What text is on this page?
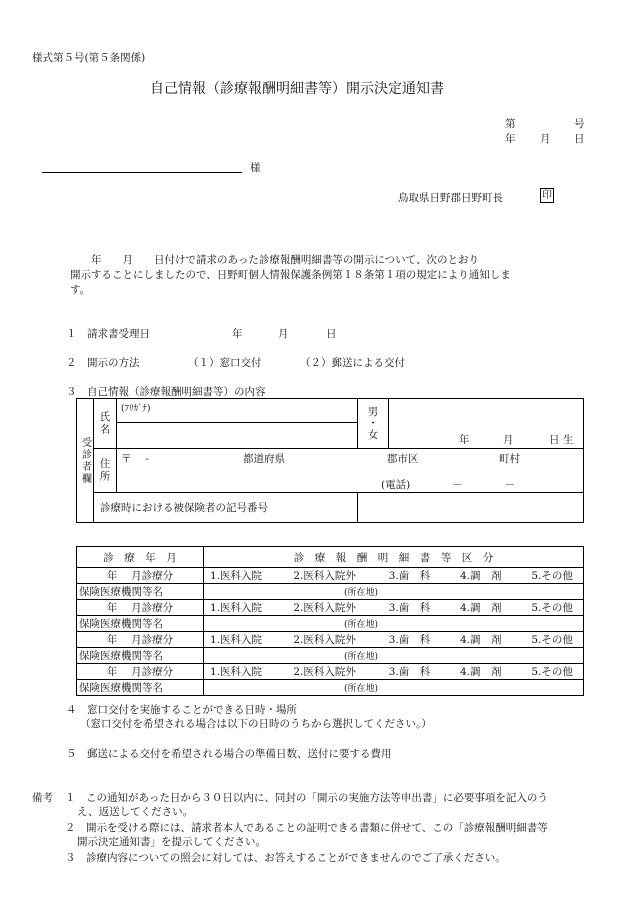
様式第５号(第５条関係)
自己情報（診療報酬明細書等）開示決定通知書
第	号
年 月 日
様
鳥取県日野郡日野町長	印
　　年　　月　　日付けで請求のあった診療報酬明細書等の開示について、次のとおり
開示することにしましたので、日野町個人情報保護条例第１８条第１項の規定により通知しま
す。
１　請求書受理日	年	月	日
２　開示の方法	（１）窓口交付	（２）郵送による交付
３　自己情報（診療報酬明細書等）の内容
受診者欄	氏名	(ﾌﾘｶﾞﾅ)	男・女	年 月 日 生

	住所	〒　 - 都道府県 郡市区 町村
(電話)　　　　－　　　　－		

	診療時における被保険者の記号番号			
診　療　年　月	診　療　報　酬　明　細　書　等　区　分
年　 月診療分	1.医科入院 2.医科入院外 3.歯　科 4.調　剤 5.その他
保険医療機関等名	(所在地)
年　 月診療分	1.医科入院 2.医科入院外 3.歯　科 4.調　剤 5.その他
保険医療機関等名	(所在地)
年　 月診療分	1.医科入院 2.医科入院外 3.歯　科 4.調　剤 5.その他
保険医療機関等名	(所在地)
年　 月診療分	1.医科入院 2.医科入院外 3.歯　科 4.調　剤 5.その他
保険医療機関等名	(所在地)
４　窓口交付を実施することができる日時・場所
（窓口交付を希望される場合は以下の日時のうちから選択してください。）
５　郵送による交付を希望される場合の準備日数、送付に要する費用
備考 １　この通知があった日から３０日以内に、同封の「開示の実施方法等申出書」に必要事項を記入のう
え、返送してください。
２　開示を受ける際には、請求者本人であることの証明できる書類に併せて、この「診療報酬明細書等
開示決定通知書」を提示してください。
３　診療内容についての照会に対しては、お答えすることができませんのでご了承ください。
